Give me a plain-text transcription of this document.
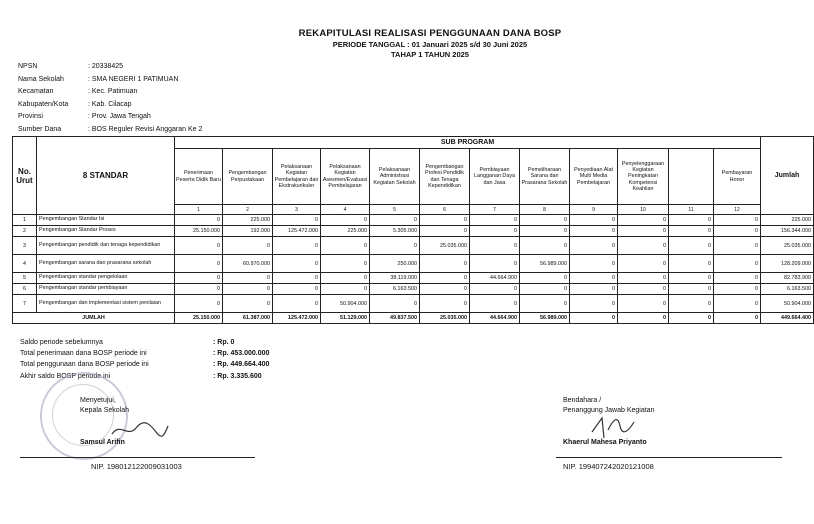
REKAPITULASI REALISASI PENGGUNAAN DANA BOSP
PERIODE TANGGAL : 01 Januari 2025 s/d 30 Juni 2025
TAHAP 1 TAHUN 2025
NPSN	: 20338425
Nama Sekolah	: SMA NEGERI 1 PATIMUAN
Kecamatan	: Kec. Patimuan
Kabupaten/Kota	: Kab. Cilacap
Provinsi	: Prov. Jawa Tengah
Sumber Dana	: BOS Reguler Revisi Anggaran Ke 2
No. Urut	8 STANDAR	SUB PROGRAM												Jumlah
		Penerimaan Peserta Didik Baru	Pengembangan Perpustakaan	Pelaksanaan Kegiatan Pembelajaran dan Ekstrakurikuler	Pelaksanaan Kegiatan Asesmen/Evaluasi Pembelajaran	Pelaksanaan Administrasi Kegiatan Sekolah	Pengembangan Profesi Pendidik dan Tenaga Kependidikan	Pembiayaan Langganan Daya dan Jasa	Pemeliharaan Sarana dan Prasarana Sekolah	Penyediaan Alat Multi Media Pembelajaran	Penyelenggaraan Kegiatan Peningkatan Kompetensi Keahlian		Pembayaran Honor	
		1	2	3	4	5	6	7	8	9	10	11	12	
1	Pengembangan Standar Isi	0	225.000	0	0	0	0	0	0	0	0	0	0	225.000
2	Pengembangan Standar Proses	25.150.000	192.000	125.472.000	225.000	5.305.000	0	0	0	0	0	0	0	156.344.000
3	Pengembangan pendidik dan tenaga kependidikan	0	0	0	0	0	25.035.000	0	0	0	0	0	0	25.035.000
4	Pengembangan sarana dan prasarana sekolah	0	60.970.000	0	0	250.000	0	0	56.989.000	0	0	0	0	128.209.000
5	Pengembangan standar pengelolaan	0	0	0	0	38.119.000	0	44.664.900	0	0	0	0	0	82.783.900
6	Pengembangan standar pembiayaan	0	0	0	0	6.163.500	0	0	0	0	0	0	0	6.163.500
7	Pengembangan dan implementasi sistem penilaian	0	0	0	50.904.000	0	0	0	0	0	0	0	0	50.904.000
JUMLAH		25.150.000	61.387.000	125.472.000	51.129.000	49.837.500	25.035.000	44.664.900	56.989.000	0	0	0	0	449.664.400
Saldo periode sebelumnya	: Rp. 0
Total penerimaan dana BOSP periode ini	: Rp. 453.000.000
Total penggunaan dana BOSP periode ini	: Rp. 449.664.400
Akhir saldo BOSP periode ini	: Rp. 3.335.600
Menyetujui,
Kepala Sekolah
Samsul Arifin
NIP. 198012122009031003
Bendahara /
Penanggung Jawab Kegiatan
Khaerul Mahesa Priyanto
NIP. 199407242020121008
